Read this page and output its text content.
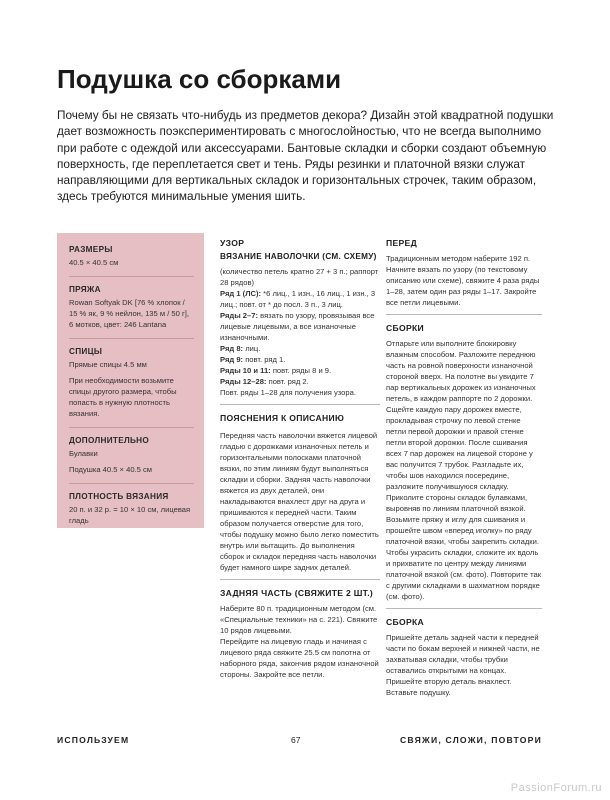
Подушка со сборками

Почему бы не связать что-нибудь из предметов декора? Дизайн этой квадратной подушки дает возможность поэкспериментировать с многослойностью, что не всегда выполнимо при работе с одеждой или аксессуарами. Бантовые складки и сборки создают объемную поверхность, где переплетается свет и тень. Ряды резинки и платочной вязки служат направляющими для вертикальных складок и горизонтальных строчек, таким образом, здесь требуются минимальные умения шить.

РАЗМЕРЫ

40.5 × 40.5 см

ПРЯЖА

Rowan Softyak DK [76 % хлопок / 15 % як, 9 % нейлон, 135 м / 50 г], 6 мотков, цвет: 246 Lantana

СПИЦЫ

Прямые спицы 4.5 мм

При необходимости возьмите спицы другого размера, чтобы попасть в нужную плотность вязания.

ДОПОЛНИТЕЛЬНО

Булавки

Подушка 40.5 × 40.5 см

ПЛОТНОСТЬ ВЯЗАНИЯ

20 п. и 32 р. = 10 × 10 см, лицевая гладь

УЗОР

ВЯЗАНИЕ НАВОЛОЧКИ (СМ. СХЕМУ)

(количество петель кратно 27 + 3 п.; раппорт 28 рядов)

Ряд 1 (ЛС): *6 лиц., 1 изн., 16 лиц., 1 изн., 3 лиц.; повт. от * до посл. 3 п., 3 лиц.

Ряды 2–7: вязать по узору, провязывая все лицевые лицевыми, а все изнаночные изнаночными.

Ряд 8: лиц.

Ряд 9: повт. ряд 1.

Ряды 10 и 11: повт. ряды 8 и 9.

Ряды 12–28: повт. ряд 2.

Повт. ряды 1–28 для получения узора.

ПОЯСНЕНИЯ К ОПИСАНИЮ

Передняя часть наволочки вяжется лицевой гладью с дорожками изнаночных петель и горизонтальными полосками платочной вязки, по этим линиям будут выполняться складки и сборки. Задняя часть наволочки вяжется из двух деталей, они накладываются внахлест друг на друга и пришиваются к передней части. Таким образом получается отверстие для того, чтобы подушку можно было легко поместить внутрь или вытащить. До выполнения сборок и складок передняя часть наволочки будет намного шире задних деталей.

ЗАДНЯЯ ЧАСТЬ (СВЯЖИТЕ 2 ШТ.)

Наберите 80 п. традиционным методом (см. «Специальные техники» на с. 221). Свяжите 10 рядов лицевыми.

Перейдите на лицевую гладь и начиная с лицевого ряда свяжите 25.5 см полотна от наборного ряда, закончив рядом изнаночной стороны. Закройте все петли.

ПЕРЕД

Традиционным методом наберите 192 п. Начните вязать по узору (по текстовому описанию или схеме), свяжите 4 раза ряды 1–28, затем один раз ряды 1–17. Закройте все петли лицевыми.

СБОРКИ

Отпарьте или выполните блокировку влажным способом. Разложите переднюю часть на ровной поверхности изнаночной стороной вверх. На полотне вы увидите 7 пар вертикальных дорожек из изнаночных петель, в каждом раппорте по 2 дорожки. Сщейте каждую пару дорожек вместе, прокладывая строчку по левой стенке петли первой дорожки и правой стенке петли второй дорожки. После сшивания всех 7 пар дорожек на лицевой стороне у вас получится 7 трубок. Разгладьте их, чтобы шов находился посередине, разложите получившуюся складку. Приколите стороны складок булавками, выровняв по линиям платочной вязкой. Возьмите пряжу и иглу для сшивания и прошейте швом «вперед иголку» по ряду платочной вязки, чтобы закрепить складки.

Чтобы украсить складки, сложите их вдоль и прихватите по центру между линиями платочной вязкой (см. фото). Повторите так с другими складками в шахматном порядке (см. фото).

СБОРКА

Пришейте деталь задней части к передней части по бокам верхней и нижней части, не захватывая складки, чтобы трубки оставались открытыми на концах. Пришейте вторую деталь внахлест. Вставьте подушку.

ИСПОЛЬЗУЕМ	67	СВЯЖИ, СЛОЖИ, ПОВТОРИ
PassionForum.ru
